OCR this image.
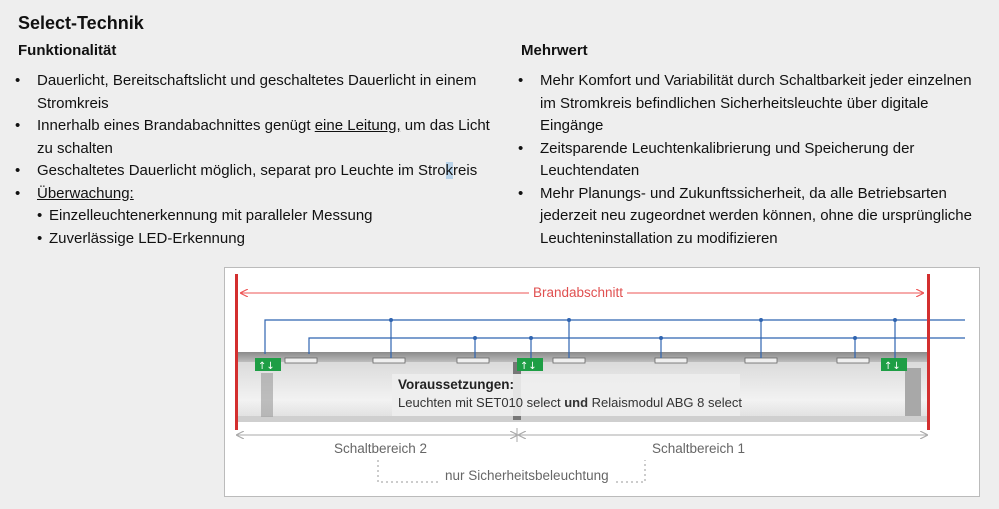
Select-Technik
Funktionalität	Mehrwert
• Dauerlicht, Bereitschaftslicht und geschaltetes Dauerlicht in einem Stromkreis
• Innerhalb eines Brandabachnittes genügt eine Leitung, um das Licht zu schalten
• Geschaltetes Dauerlicht möglich, separat pro Leuchte im Strokreis
• Überwachung:
• Einzelleuchtenerkennung mit paralleler Messung
• Zuverlässige LED-Erkennung
• Mehr Komfort und Variabilität durch Schaltbarkeit jeder einzelnen im Stromkreis befindlichen Sicherheitsleuchte über digitale Eingänge
• Zeitsparende Leuchtenkalibrierung und Speicherung der Leuchtendaten
• Mehr Planungs- und Zukunftssicherheit, da alle Betriebsarten jederzeit neu zugeordnet werden können, ohne die ursprüngliche Leuchteninstallation zu modifizieren
↑↓	↑↓	↑↓
Brandabschnitt
Schaltbereich 2	Schaltbereich 1
nur Sicherheitsbeleuchtung
Voraussetzungen:
Leuchten mit SET010 select und Relaismodul ABG 8 select
